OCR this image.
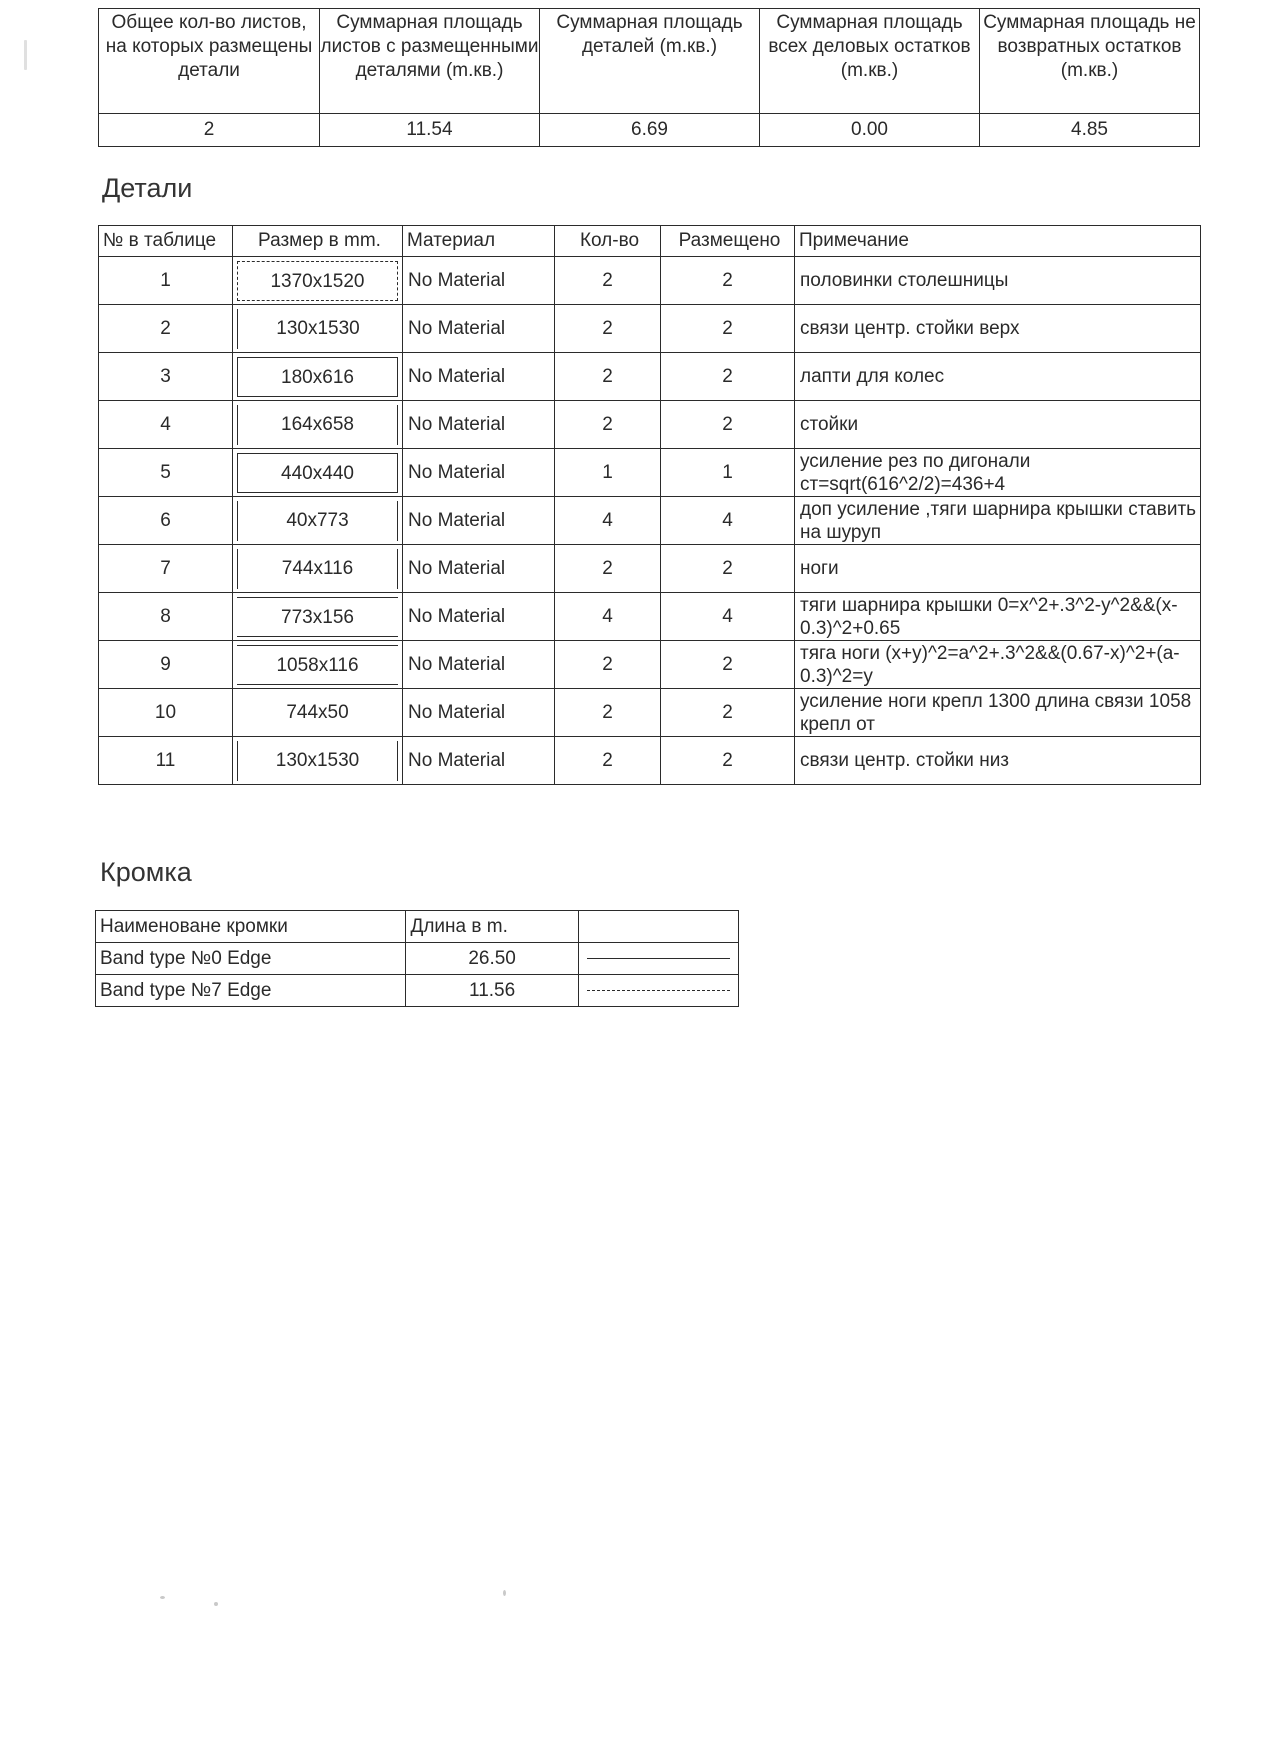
Общее кол-во листов, на которых размещены детали	Суммарная площадь листов с размещенными деталями (m.кв.)	Суммарная площадь деталей (m.кв.)	Суммарная площадь всех деловых остатков (m.кв.)	Суммарная площадь не возвратных остатков (m.кв.)
2	11.54	6.69	0.00	4.85
Детали
№ в таблице	Размер в mm.	Материал	Кол-во	Размещено	Примечание
1	1370x1520	No Material	2	2	половинки столешницы
2	130x1530	No Material	2	2	связи центр. стойки верх
3	180x616	No Material	2	2	лапти для колес
4	164x658	No Material	2	2	стойки
5	440x440	No Material	1	1	усиление рез по дигонали ст=sqrt(616^2/2)=436+4
6	40x773	No Material	4	4	доп усиление ,тяги шарнира крышки ставить на шуруп
7	744x116	No Material	2	2	ноги
8	773x156	No Material	4	4	тяги шарнира крышки 0=x^2+.3^2-y^2&&(x-0.3)^2+0.65
9	1058x116	No Material	2	2	тяга ноги (x+y)^2=a^2+.3^2&&(0.67-x)^2+(a-0.3)^2=y
10	744x50	No Material	2	2	усиление ноги крепл 1300 длина связи 1058 крепл от
11	130x1530	No Material	2	2	связи центр. стойки низ
Кромка
Наименоване кромки	Длина в m.	
Band type №0 Edge	26.50	

Band type №7 Edge	11.56	
